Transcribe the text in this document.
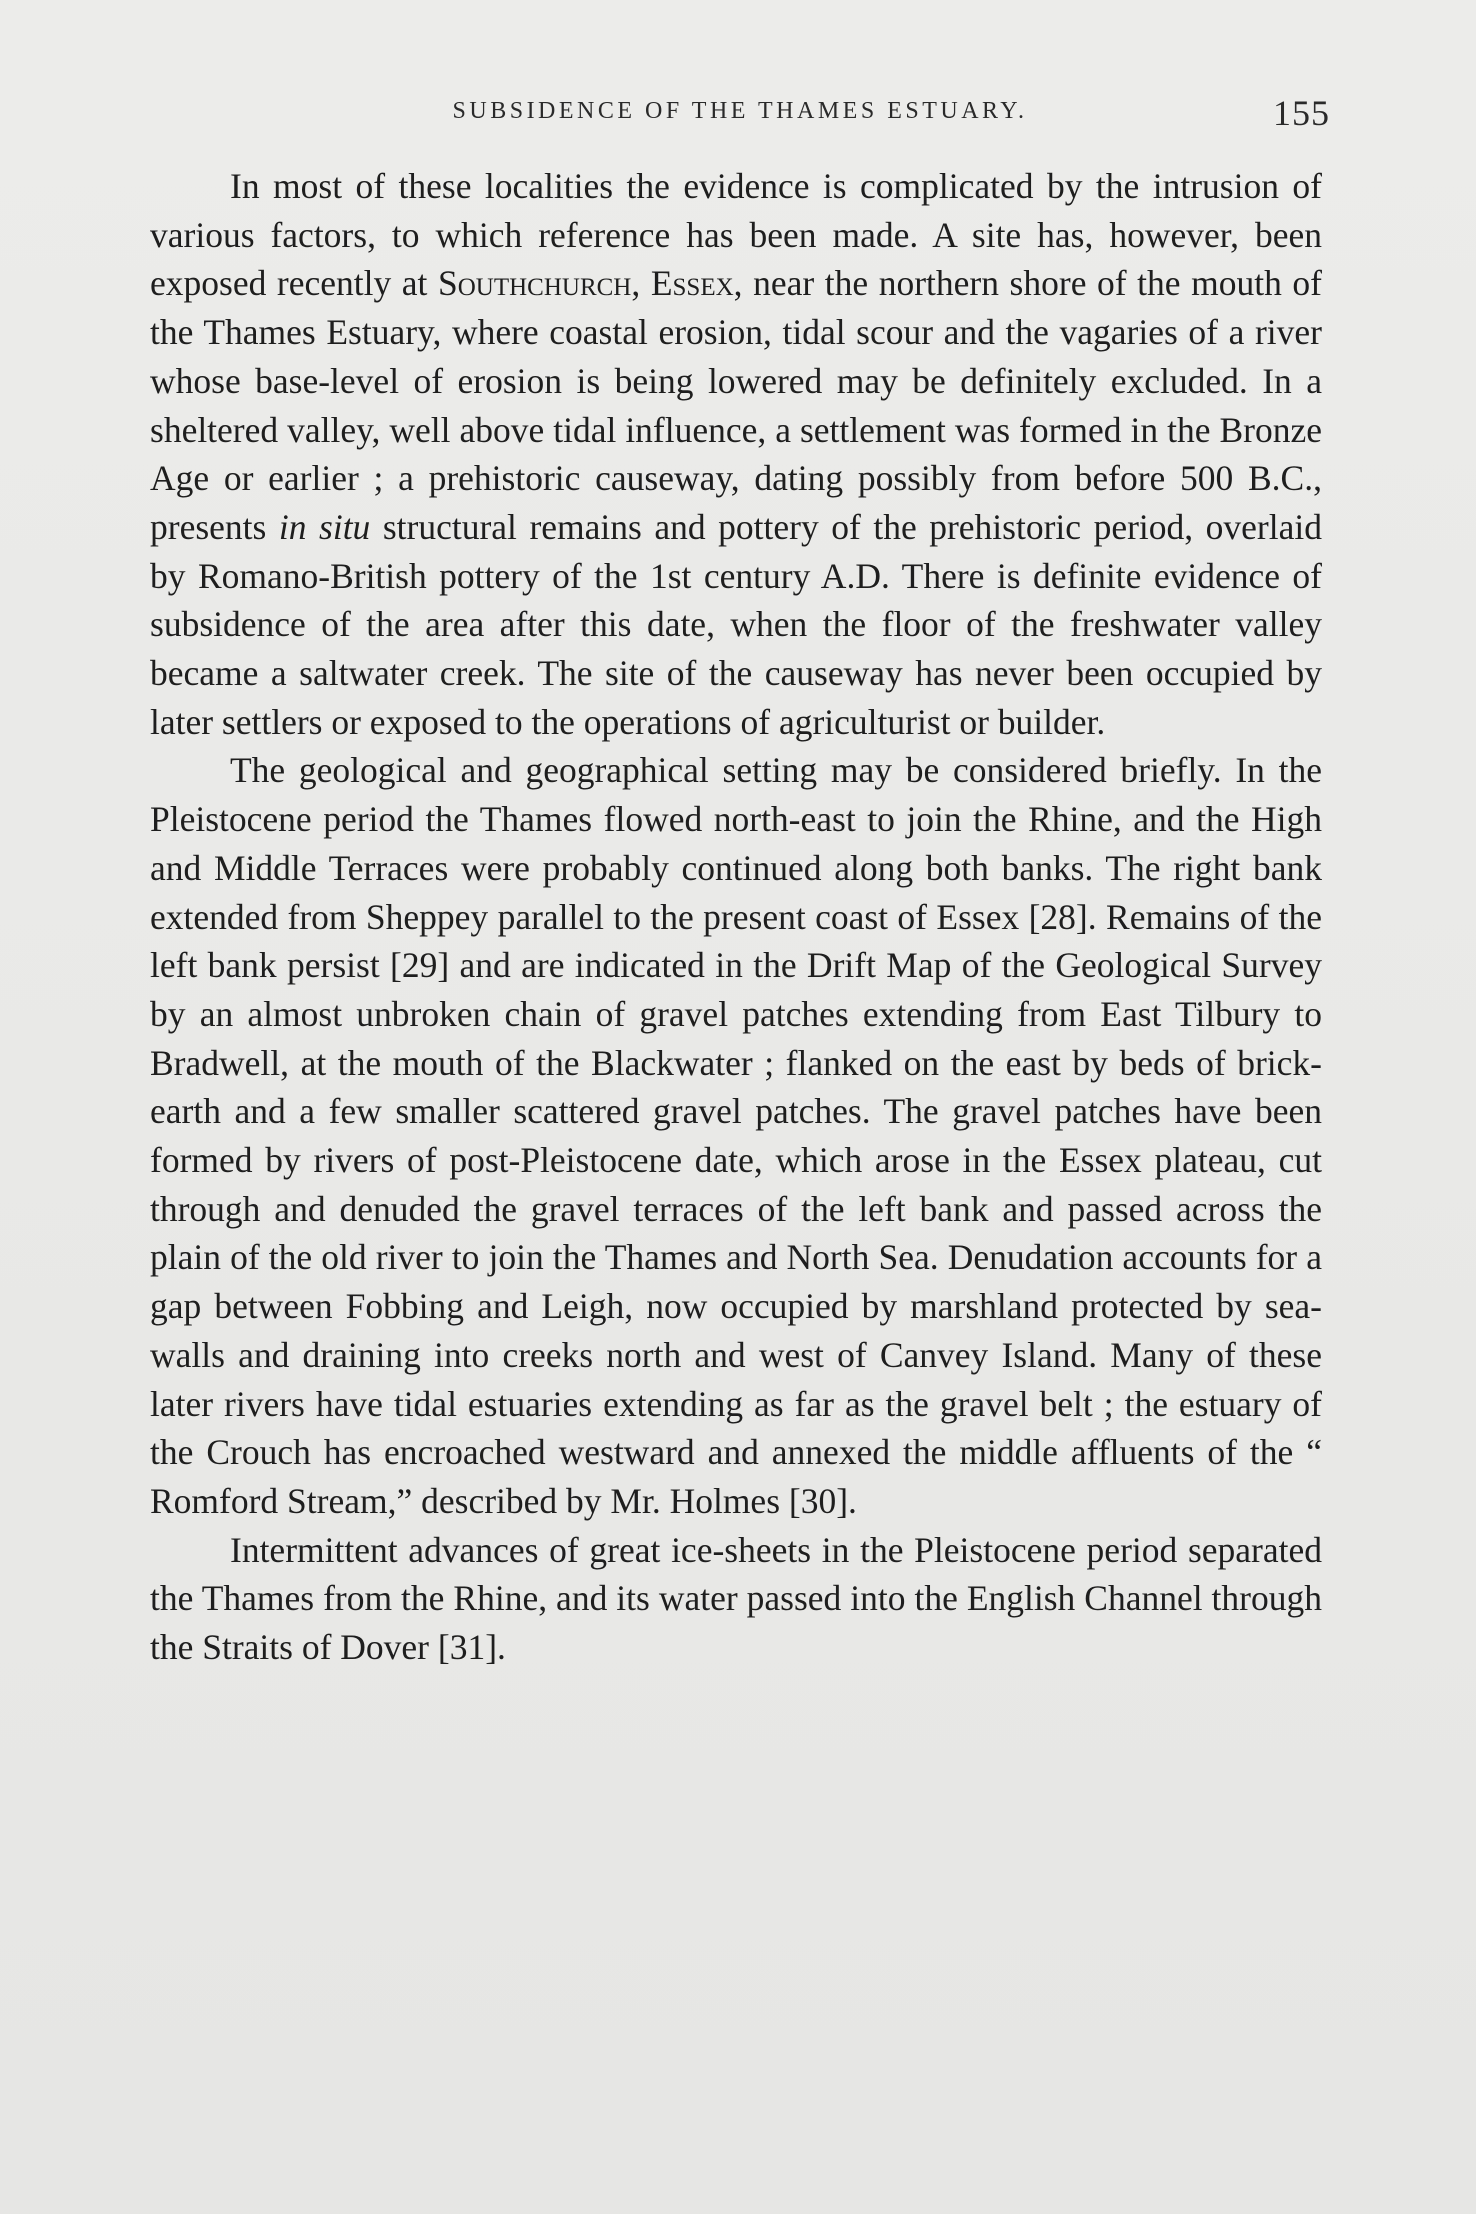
SUBSIDENCE OF THE THAMES ESTUARY.	155

In most of these localities the evidence is complicated by the intrusion of various factors, to which reference has been made. A site has, however, been exposed recently at Southchurch, Essex, near the northern shore of the mouth of the Thames Estuary, where coastal erosion, tidal scour and the vagaries of a river whose base-level of erosion is being lowered may be definitely excluded. In a sheltered valley, well above tidal influence, a settlement was formed in the Bronze Age or earlier ; a prehistoric causeway, dating possibly from before 500 B.C., presents in situ structural remains and pottery of the prehistoric period, overlaid by Romano-British pottery of the 1st century A.D. There is definite evidence of subsidence of the area after this date, when the floor of the freshwater valley became a saltwater creek. The site of the causeway has never been occupied by later settlers or exposed to the operations of agriculturist or builder.

The geological and geographical setting may be considered briefly. In the Pleistocene period the Thames flowed north-east to join the Rhine, and the High and Middle Terraces were probably continued along both banks. The right bank extended from Sheppey parallel to the present coast of Essex [28]. Remains of the left bank persist [29] and are indicated in the Drift Map of the Geological Survey by an almost unbroken chain of gravel patches extending from East Tilbury to Bradwell, at the mouth of the Blackwater ; flanked on the east by beds of brick-earth and a few smaller scattered gravel patches. The gravel patches have been formed by rivers of post-Pleistocene date, which arose in the Essex plateau, cut through and denuded the gravel terraces of the left bank and passed across the plain of the old river to join the Thames and North Sea. Denudation accounts for a gap between Fobbing and Leigh, now occupied by marshland protected by sea-walls and draining into creeks north and west of Canvey Island. Many of these later rivers have tidal estuaries extending as far as the gravel belt ; the estuary of the Crouch has encroached westward and annexed the middle affluents of the “ Romford Stream,” described by Mr. Holmes [30].

Intermittent advances of great ice-sheets in the Pleistocene period separated the Thames from the Rhine, and its water passed into the English Channel through the Straits of Dover [31].
